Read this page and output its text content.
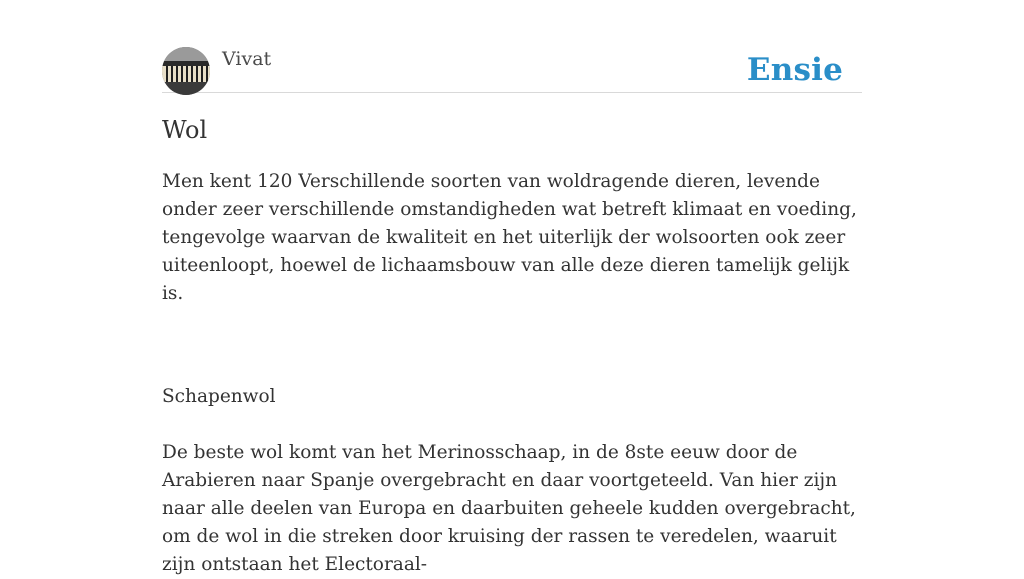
Vivat	Ensie
Wol

Men kent 120 Verschillende soorten van woldragende dieren, levende onder zeer verschillende omstandigheden wat betreft klimaat en voeding, tengevolge waarvan de kwaliteit en het uiterlijk der wolsoorten ook zeer uiteenloopt, hoewel de lichaamsbouw van alle deze dieren tamelijk gelijk is.

Schapenwol

De beste wol komt van het Merinosschaap, in de 8ste eeuw door de Arabieren naar Spanje overgebracht en daar voortgeteeld. Van hier zijn naar alle deelen van Europa en daarbuiten geheele kudden overgebracht, om de wol in die streken door kruising der rassen te veredelen, waaruit zijn ontstaan het Electoraal-
